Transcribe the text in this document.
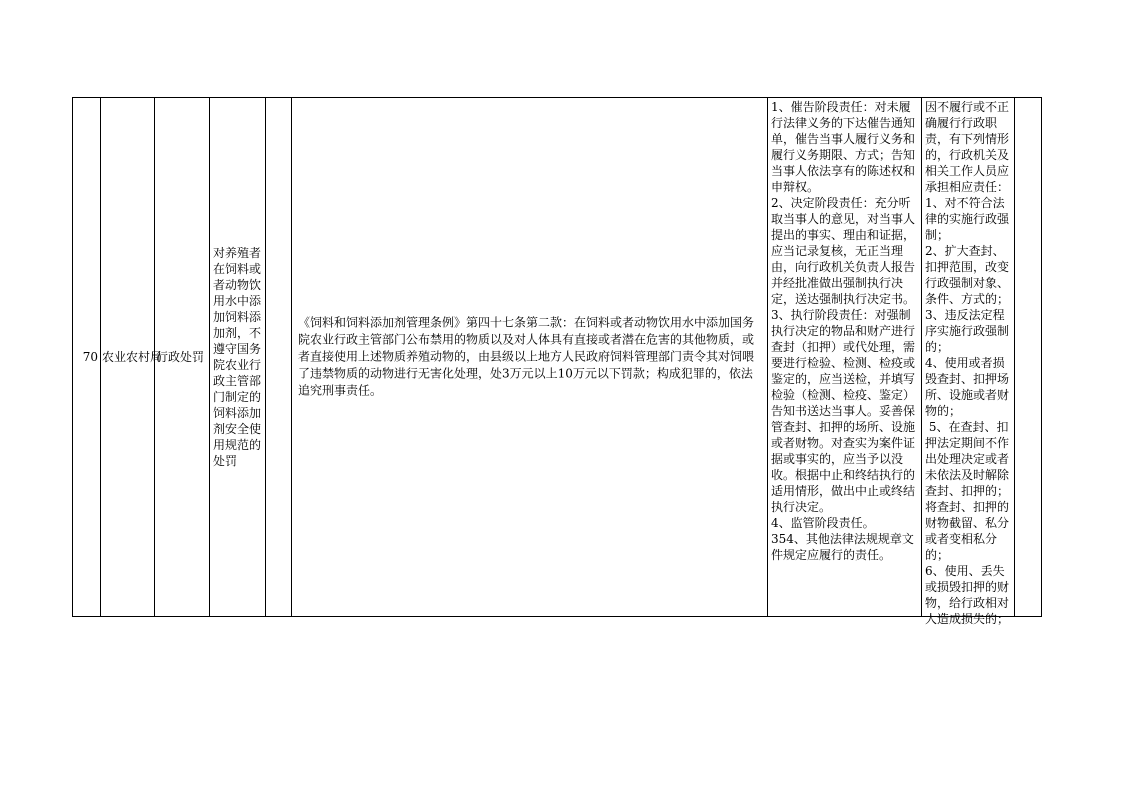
70 农业农村局
行政处罚
对养殖者在饲料或者动物饮用水中添加饲料添加剂，不遵守国务院农业行政主管部门制定的饲料添加剂安全使用规范的处罚
《饲料和饲料添加剂管理条例》第四十七条第二款：在饲料或者动物饮用水中添加国务院农业行政主管部门公布禁用的物质以及对人体具有直接或者潜在危害的其他物质，或者直接使用上述物质养殖动物的，由县级以上地方人民政府饲料管理部门责令其对饲喂了违禁物质的动物进行无害化处理，处3万元以上10万元以下罚款；构成犯罪的，依法追究刑事责任。
1、催告阶段责任：对未履行法律义务的下达催告通知单，催告当事人履行义务和履行义务期限、方式；告知当事人依法享有的陈述权和申辩权。
2、决定阶段责任：充分听取当事人的意见，对当事人提出的事实、理由和证据，应当记录复核，无正当理由，向行政机关负责人报告并经批准做出强制执行决定，送达强制执行决定书。
3、执行阶段责任：对强制执行决定的物品和财产进行查封（扣押）或代处理，需要进行检验、检测、检疫或鉴定的，应当送检，并填写检验（检测、检疫、鉴定）告知书送达当事人。妥善保管查封、扣押的场所、设施或者财物。对查实为案件证据或事实的，应当予以没收。根据中止和终结执行的适用情形，做出中止或终结执行决定。
4、监管阶段责任。
354、其他法律法规规章文件规定应履行的责任。
因不履行或不正确履行行政职责，有下列情形的，行政机关及相关工作人员应承担相应责任：
1、对不符合法律的实施行政强制；
2、扩大查封、扣押范围，改变行政强制对象、条件、方式的；
3、违反法定程序实施行政强制的；
4、使用或者损毁查封、扣押场所、设施或者财物的；
5、在查封、扣押法定期间不作出处理决定或者未依法及时解除查封、扣押的；将查封、扣押的财物截留、私分或者变相私分的；
6、使用、丢失或损毁扣押的财物，给行政相对人造成损失的；
